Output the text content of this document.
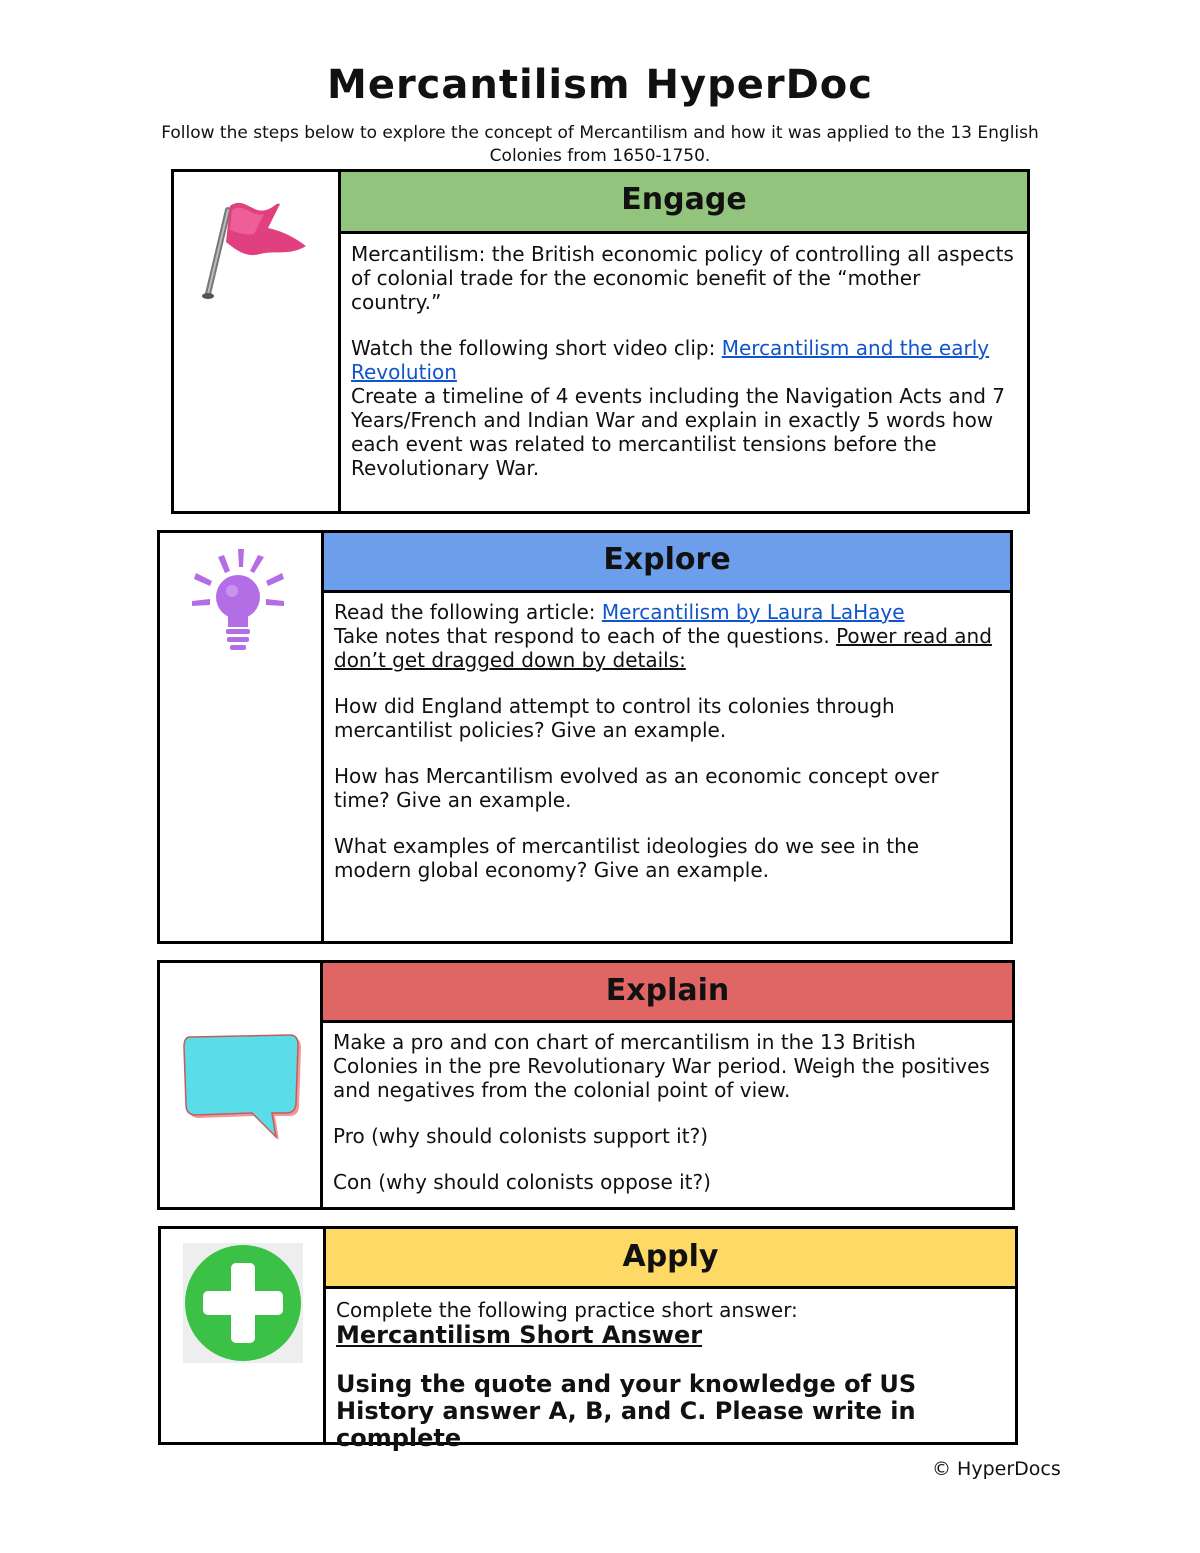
Mercantilism HyperDoc
Follow the steps below to explore the concept of Mercantilism and how it was applied to the 13 English Colonies from 1650-1750.
Engage

Mercantilism: the British economic policy of controlling all aspects of colonial trade for the economic benefit of the “mother country.”

Watch the following short video clip: Mercantilism and the early Revolution

Create a timeline of 4 events including the Navigation Acts and 7 Years/French and Indian War and explain in exactly 5 words how each event was related to mercantilist tensions before the Revolutionary War.

Explore

Read the following article: Mercantilism by Laura LaHaye

Take notes that respond to each of the questions. Power read and don’t get dragged down by details:

How did England attempt to control its colonies through mercantilist policies? Give an example.

How has Mercantilism evolved as an economic concept over time? Give an example.

What examples of mercantilist ideologies do we see in the modern global economy? Give an example.

Explain

Make a pro and con chart of mercantilism in the 13 British Colonies in the pre Revolutionary War period. Weigh the positives and negatives from the colonial point of view.

Pro (why should colonists support it?)

Con (why should colonists oppose it?)

Apply

Complete the following practice short answer:

Mercantilism Short Answer

Using the quote and your knowledge of US History answer A, B, and C. Please write in complete

© HyperDocs
